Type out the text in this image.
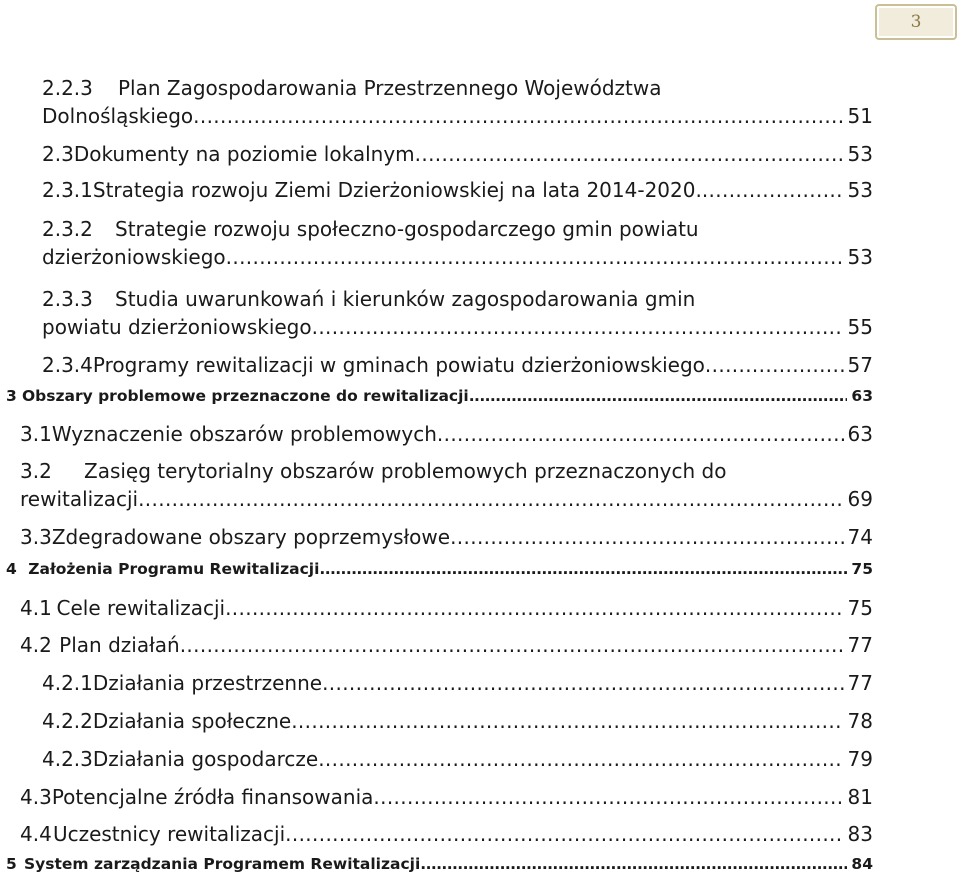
3
2.2.3	Plan Zagospodarowania Przestrzennego Województwa
Dolnośląskiego . . .	51
2.3 Dokumenty na poziomie lokalnym . . .	53
2.3.1 Strategia rozwoju Ziemi Dzierżoniowskiej na lata 2014-2020. . . .	53
2.3.2	Strategie rozwoju społeczno-gospodarczego gmin powiatu
dzierżoniowskiego . . .	53
2.3.3	Studia uwarunkowań i kierunków zagospodarowania gmin
powiatu dzierżoniowskiego . . .	55
2.3.4 Programy rewitalizacji w gminach powiatu dzierżoniowskiego . . .	57
3 Obszary problemowe przeznaczone do rewitalizacji . . .	63
3.1 Wyznaczenie obszarów problemowych . . .	63
3.2	Zasięg terytorialny obszarów problemowych przeznaczonych do
rewitalizacji . . .	69
3.3 Zdegradowane obszary poprzemysłowe . . .	74
4 Założenia Programu Rewitalizacji . . .	75
4.1 Cele rewitalizacji . . .	75
4.2 Plan działań . . .	77
4.2.1 Działania przestrzenne . . .	77
4.2.2 Działania społeczne . . .	78
4.2.3 Działania gospodarcze . . .	79
4.3 Potencjalne źródła finansowania . . .	81
4.4 Uczestnicy rewitalizacji . . .	83
5 System zarządzania Programem Rewitalizacji . . .	84
